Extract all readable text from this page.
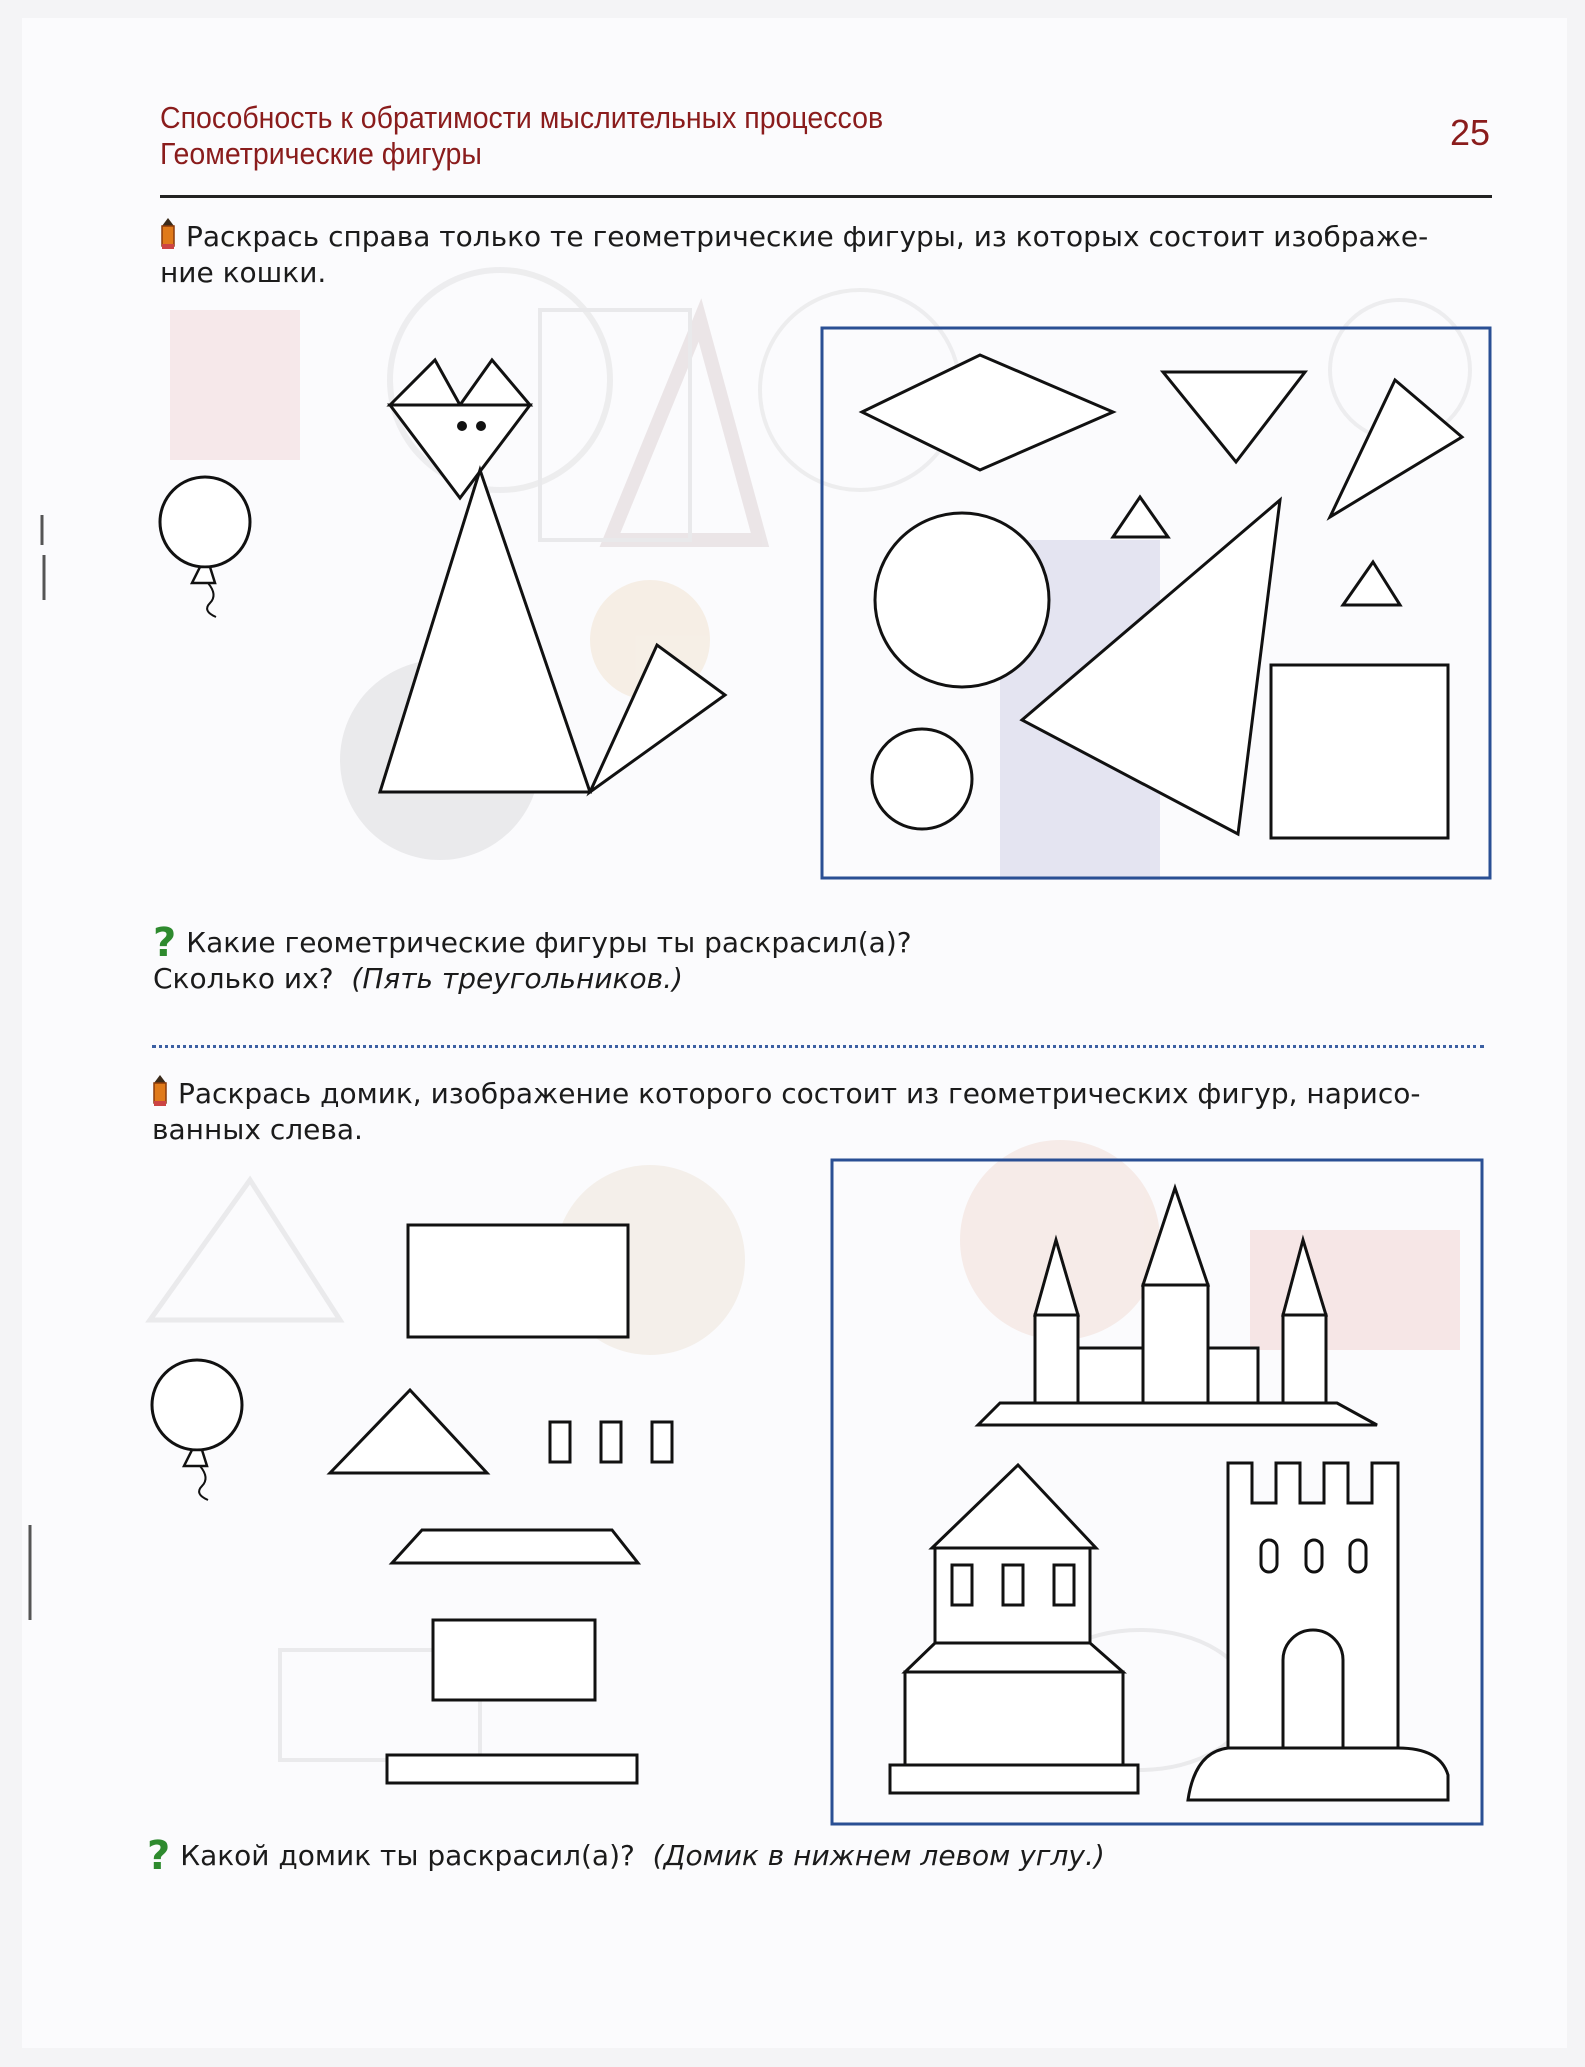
Способность к обратимости мыслительных процессов
Геометрические фигуры
25
Раскрась справа только те геометрические фигуры, из которых состоит изображе-
ние кошки.
? Какие геометрические фигуры ты раскрасил(а)?
Сколько их? (Пять треугольников.)
Раскрась домик, изображение которого состоит из геометрических фигур, нарисо-
ванных слева.
? Какой домик ты раскрасил(а)? (Домик в нижнем левом углу.)
